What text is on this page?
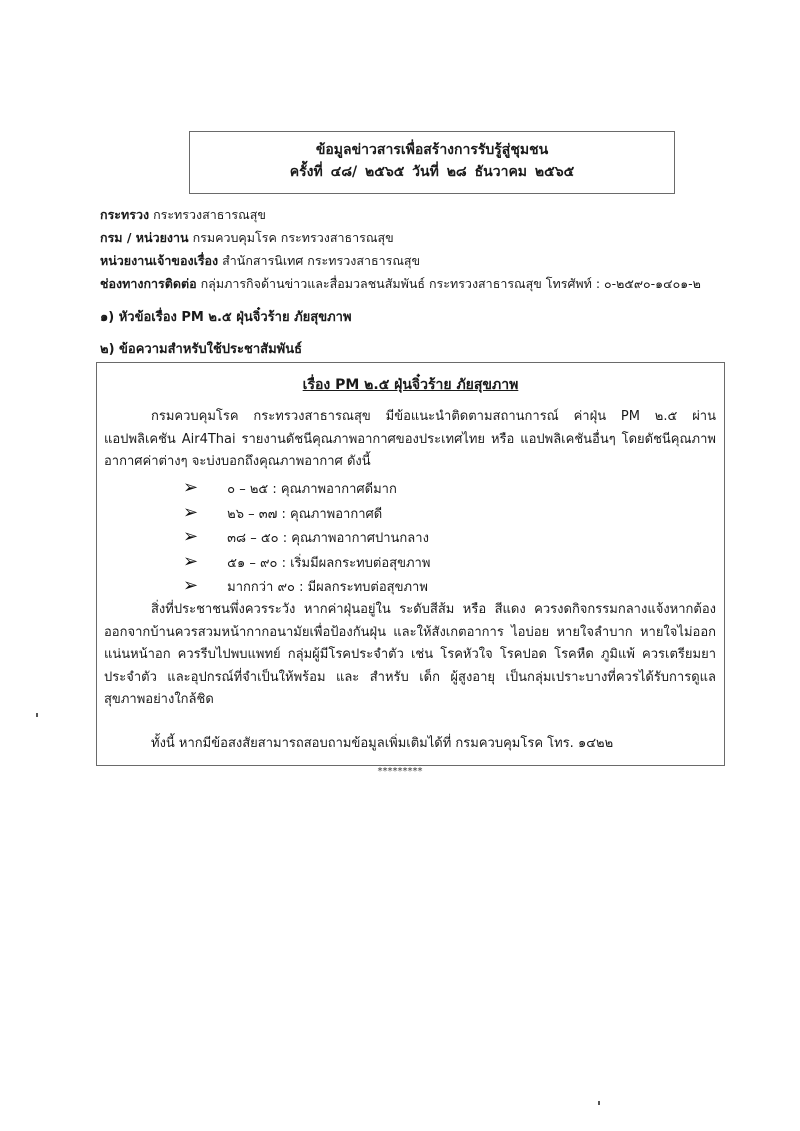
ข้อมูลข่าวสารเพื่อสร้างการรับรู้สู่ชุมชน
ครั้งที่ ๔๘/ ๒๕๖๕ วันที่ ๒๘ ธันวาคม ๒๕๖๕
กระทรวง กระทรวงสาธารณสุข
กรม / หน่วยงาน กรมควบคุมโรค กระทรวงสาธารณสุข
หน่วยงานเจ้าของเรื่อง สำนักสารนิเทศ กระทรวงสาธารณสุข
ช่องทางการติดต่อ กลุ่มภารกิจด้านข่าวและสื่อมวลชนสัมพันธ์ กระทรวงสาธารณสุข โทรศัพท์ : ๐-๒๕๙๐-๑๔๐๑-๒
๑) หัวข้อเรื่อง PM ๒.๕ ฝุ่นจิ๋วร้าย ภัยสุขภาพ
๒) ข้อความสำหรับใช้ประชาสัมพันธ์
เรื่อง PM ๒.๕ ฝุ่นจิ๋วร้าย ภัยสุขภาพ
กรมควบคุมโรค กระทรวงสาธารณสุข มีข้อแนะนำติดตามสถานการณ์ ค่าฝุ่น PM ๒.๕ ผ่านแอปพลิเคชัน Air4Thai รายงานดัชนีคุณภาพอากาศของประเทศไทย หรือ แอปพลิเคชันอื่นๆ โดยดัชนีคุณภาพอากาศค่าต่างๆ จะบ่งบอกถึงคุณภาพอากาศ ดังนี้
➢ ๐ – ๒๕ : คุณภาพอากาศดีมาก
➢ ๒๖ – ๓๗ : คุณภาพอากาศดี
➢ ๓๘ – ๕๐ : คุณภาพอากาศปานกลาง
➢ ๕๑ – ๙๐ : เริ่มมีผลกระทบต่อสุขภาพ
➢ มากกว่า ๙๐ : มีผลกระทบต่อสุขภาพ
สิ่งที่ประชาชนพึ่งควรระวัง หากค่าฝุ่นอยู่ใน ระดับสีส้ม หรือ สีแดง ควรงดกิจกรรมกลางแจ้งหากต้องออกจากบ้านควรสวมหน้ากากอนามัยเพื่อป้องกันฝุ่น และให้สังเกตอาการ ไอบ่อย หายใจลำบาก หายใจไม่ออก แน่นหน้าอก ควรรีบไปพบแพทย์ กลุ่มผู้มีโรคประจำตัว เช่น โรคหัวใจ โรคปอด โรคหืด ภูมิแพ้ ควรเตรียมยาประจำตัว และอุปกรณ์ที่จำเป็นให้พร้อม และ สำหรับ เด็ก ผู้สูงอายุ เป็นกลุ่มเปราะบางที่ควรได้รับการดูแลสุขภาพอย่างใกล้ชิด
ทั้งนี้ หากมีข้อสงสัยสามารถสอบถามข้อมูลเพิ่มเติมได้ที่ กรมควบคุมโรค โทร. ๑๔๒๒
*********
